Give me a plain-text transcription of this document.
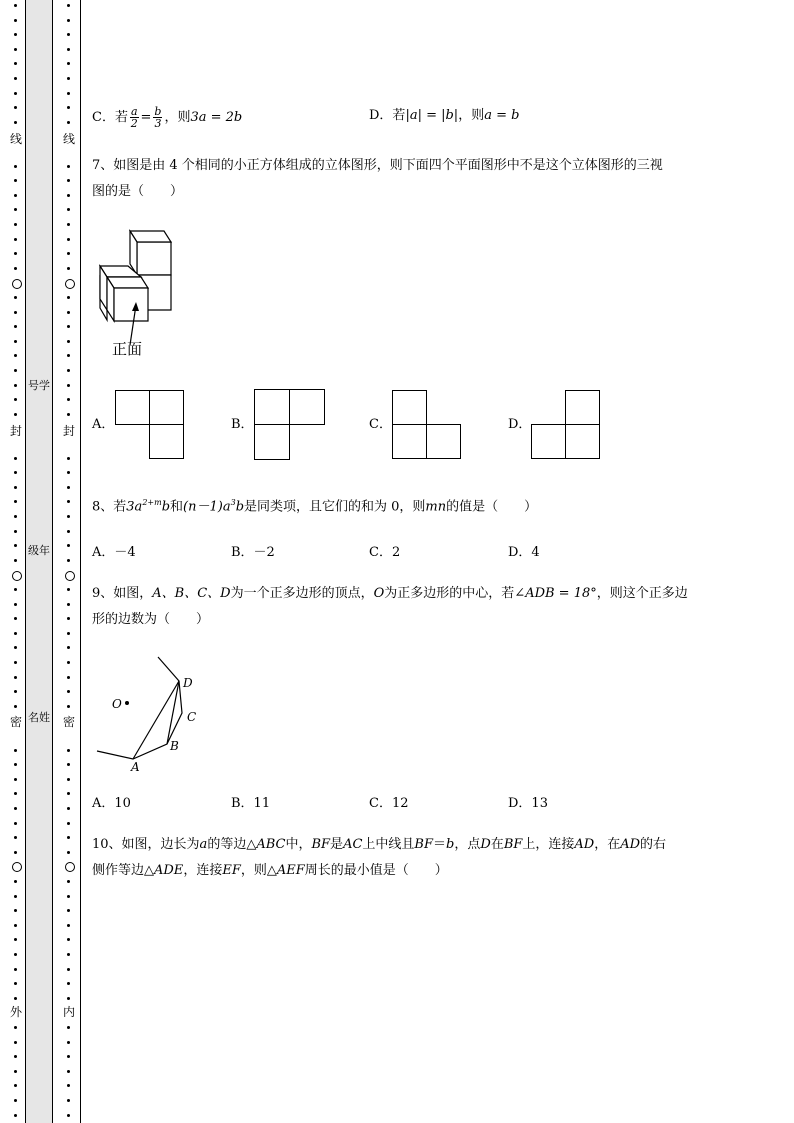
号学
级年
名姓
线
封
密
外
线
封
密
内
C．若 $\frac{a}{2} = \frac{b}{3}$ ，则3a = 2b	D．若|a| = |b|，则a = b
7、如图是由 4 个相同的小正方体组成的立体图形，则下面四个平面图形中不是这个立体图形的三视
图的是（　　）
正面
A．	B．	C．	D．
8、若$3a^{2+m}b$和$(n-1)a^3b$是同类项，且它们的和为 0，则mn的值是（　　）
A．－4	B．－2	C．2	D．4
9、如图，A、B、C、D为一个正多边形的顶点，O为正多边形的中心，若∠ADB = 18°，则这个正多边
形的边数为（　　）
O
A
B
C
D
A．10	B．11	C．12	D．13
10、如图，边长为a的等边△ABC中，BF是AC上中线且BF＝b，点D在BF上，连接AD，在AD的右
侧作等边△ADE，连接EF，则△AEF周长的最小值是（　　）
